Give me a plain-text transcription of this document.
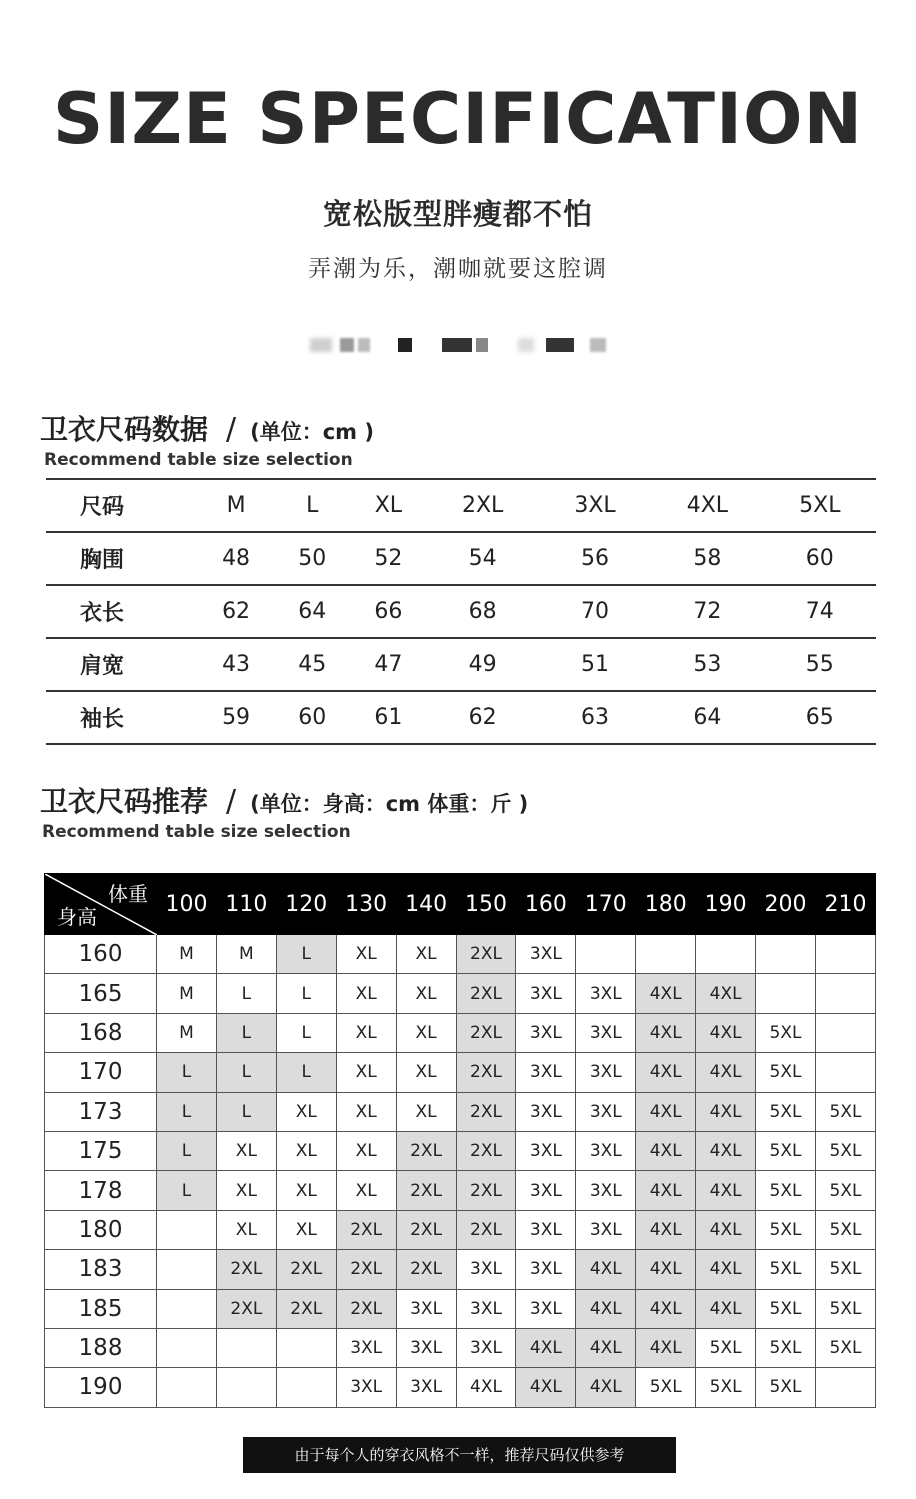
SIZE SPECIFICATION
宽松版型胖瘦都不怕
弄潮为乐，潮咖就要这腔调
卫衣尺码数据 / (单位：cm )
Recommend table size selection
尺码	M	L	XL	2XL	3XL	4XL	5XL
胸围	48	50	52	54	56	58	60
衣长	62	64	66	68	70	72	74
肩宽	43	45	47	49	51	53	55
袖长	59	60	61	62	63	64	65
卫衣尺码推荐 / (单位：身高：cm 体重：斤 )
Recommend table size selection
体重
身高	100	110	120	130	140	150	160	170	180	190	200	210
160	M	M	L	XL	XL	2XL	3XL					
165	M	L	L	XL	XL	2XL	3XL	3XL	4XL	4XL		
168	M	L	L	XL	XL	2XL	3XL	3XL	4XL	4XL	5XL	
170	L	L	L	XL	XL	2XL	3XL	3XL	4XL	4XL	5XL	
173	L	L	XL	XL	XL	2XL	3XL	3XL	4XL	4XL	5XL	5XL
175	L	XL	XL	XL	2XL	2XL	3XL	3XL	4XL	4XL	5XL	5XL
178	L	XL	XL	XL	2XL	2XL	3XL	3XL	4XL	4XL	5XL	5XL
180		XL	XL	2XL	2XL	2XL	3XL	3XL	4XL	4XL	5XL	5XL
183		2XL	2XL	2XL	2XL	3XL	3XL	4XL	4XL	4XL	5XL	5XL
185		2XL	2XL	2XL	3XL	3XL	3XL	4XL	4XL	4XL	5XL	5XL
188				3XL	3XL	3XL	4XL	4XL	4XL	5XL	5XL	5XL
190				3XL	3XL	4XL	4XL	4XL	5XL	5XL	5XL	
由于每个人的穿衣风格不一样，推荐尺码仅供参考
